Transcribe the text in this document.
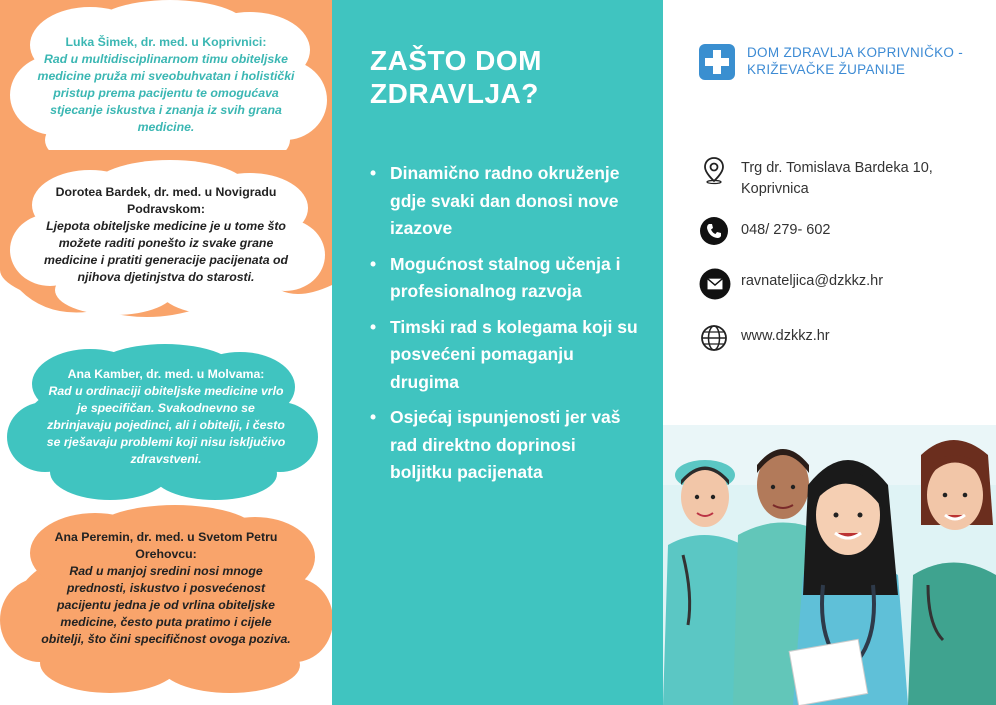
Luka Šimek, dr. med. u Koprivnici:
Rad u multidisciplinarnom timu obiteljske medicine pruža mi sveobuhvatan i holistički pristup prema pacijentu te omogućava stjecanje iskustva i znanja iz svih grana medicine.
Dorotea Bardek, dr. med. u Novigradu Podravskom:
Ljepota obiteljske medicine je u tome što možete raditi ponešto iz svake grane medicine i pratiti generacije pacijenata od njihova djetinjstva do starosti.
Ana Kamber, dr. med. u Molvama:
Rad u ordinaciji obiteljske medicine vrlo je specifičan. Svakodnevno se zbrinjavaju pojedinci, ali i obitelji, i često se rješavaju problemi koji nisu isključivo zdravstveni.
Ana Peremin, dr. med. u Svetom Petru Orehovcu:
Rad u manjoj sredini nosi mnoge prednosti, iskustvo i posvećenost pacijentu jedna je od vrlina obiteljske medicine, često puta pratimo i cijele obitelji, što čini specifičnost ovoga poziva.
ZAŠTO DOM ZDRAVLJA?
• Dinamično radno okruženje gdje svaki dan donosi nove izazove
• Mogućnost stalnog učenja i profesionalnog razvoja
• Timski rad s kolegama koji su posvećeni pomaganju drugima
• Osjećaj ispunjenosti jer vaš rad direktno doprinosi boljitku pacijenata
DOM ZDRAVLJA KOPRIVNIČKO - KRIŽEVAČKE ŽUPANIJE
Trg dr. Tomislava Bardeka 10, Koprivnica
048/ 279- 602
ravnateljica@dzkkz.hr
www.dzkkz.hr
